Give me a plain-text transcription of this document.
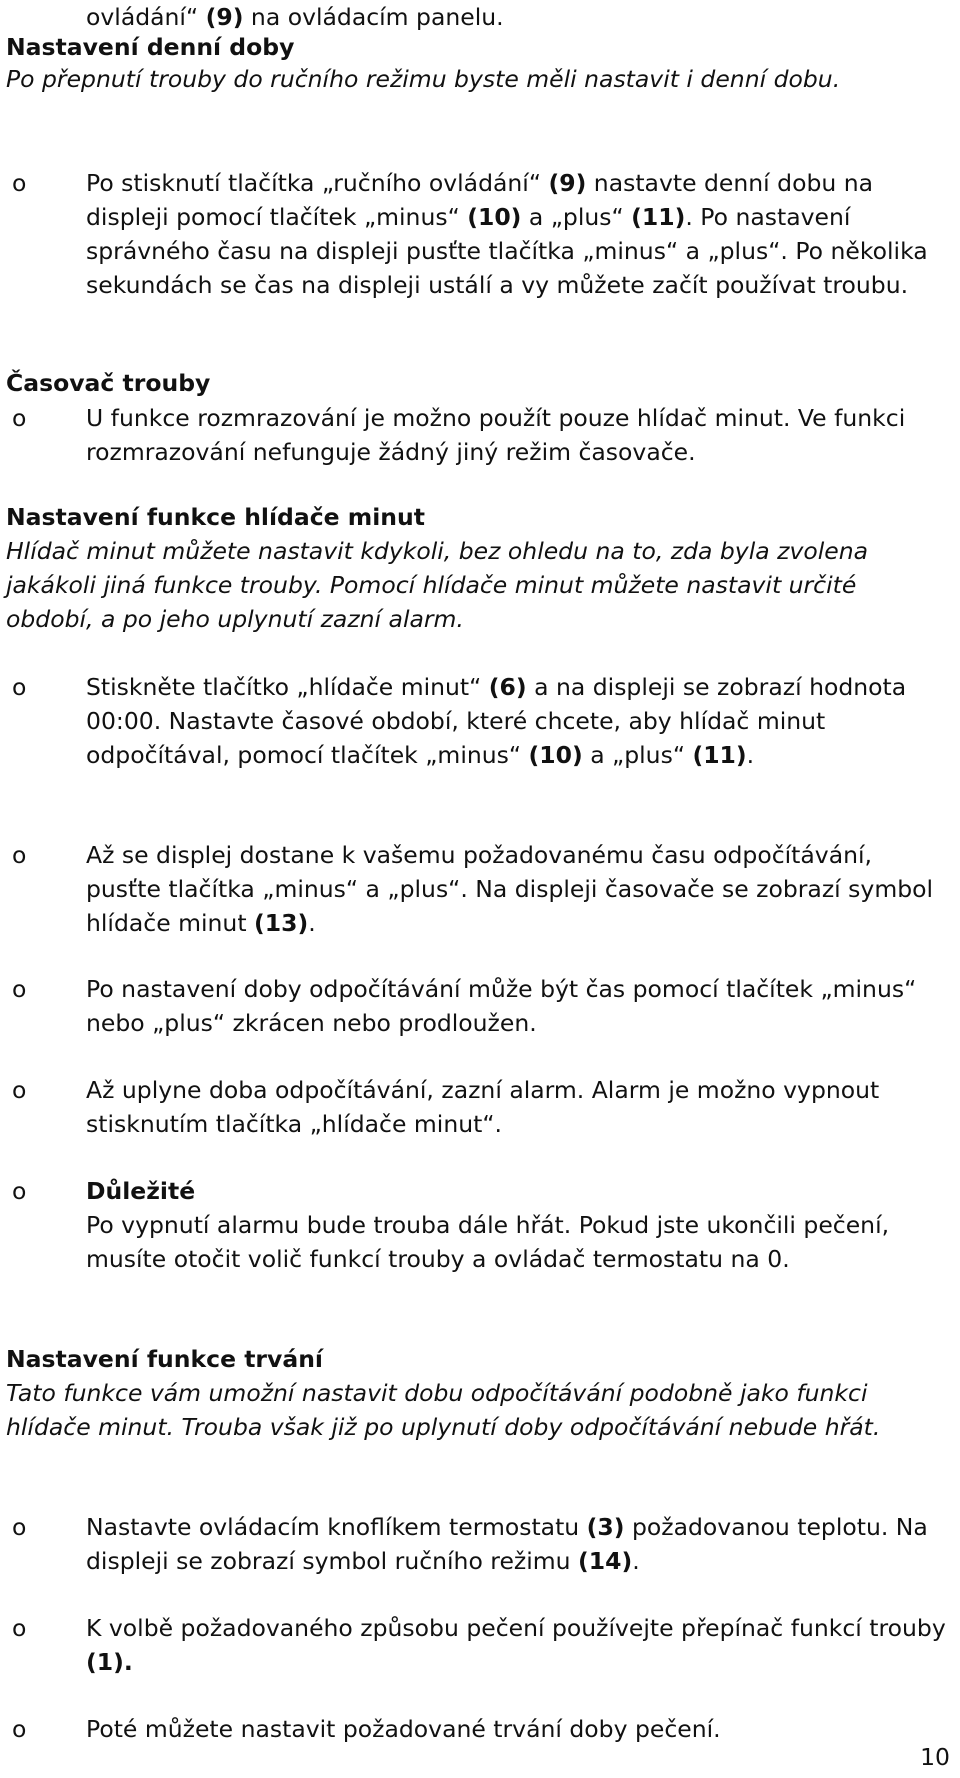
ovládání“ (9) na ovládacím panelu.
Nastavení denní doby
Po přepnutí trouby do ručního režimu byste měli nastavit i denní dobu.
o	Po stisknutí tlačítka „ručního ovládání“ (9) nastavte denní dobu na displeji pomocí tlačítek „minus“ (10) a „plus“ (11). Po nastavení správného času na displeji pusťte tlačítka „minus“ a „plus“. Po několika sekundách se čas na displeji ustálí a vy můžete začít používat troubu.
Časovač trouby
o	U funkce rozmrazování je možno použít pouze hlídač minut. Ve funkci rozmrazování nefunguje žádný jiný režim časovače.
Nastavení funkce hlídače minut
Hlídač minut můžete nastavit kdykoli, bez ohledu na to, zda byla zvolena jakákoli jiná funkce trouby. Pomocí hlídače minut můžete nastavit určité období, a po jeho uplynutí zazní alarm.
o	Stiskněte tlačítko „hlídače minut“ (6) a na displeji se zobrazí hodnota 00:00. Nastavte časové období, které chcete, aby hlídač minut odpočítával, pomocí tlačítek „minus“ (10) a „plus“ (11).
o	Až se displej dostane k vašemu požadovanému času odpočítávání, pusťte tlačítka „minus“ a „plus“. Na displeji časovače se zobrazí symbol hlídače minut (13).
o	Po nastavení doby odpočítávání může být čas pomocí tlačítek „minus“ nebo „plus“ zkrácen nebo prodloužen.
o	Až uplyne doba odpočítávání, zazní alarm. Alarm je možno vypnout stisknutím tlačítka „hlídače minut“.
o	Důležité
Po vypnutí alarmu bude trouba dále hřát. Pokud jste ukončili pečení, musíte otočit volič funkcí trouby a ovládač termostatu na 0.
Nastavení funkce trvání
Tato funkce vám umožní nastavit dobu odpočítávání podobně jako funkci hlídače minut. Trouba však již po uplynutí doby odpočítávání nebude hřát.
o	Nastavte ovládacím knoflíkem termostatu (3) požadovanou teplotu. Na displeji se zobrazí symbol ručního režimu (14).
o	K volbě požadovaného způsobu pečení používejte přepínač funkcí trouby (1).
o	Poté můžete nastavit požadované trvání doby pečení.
10
